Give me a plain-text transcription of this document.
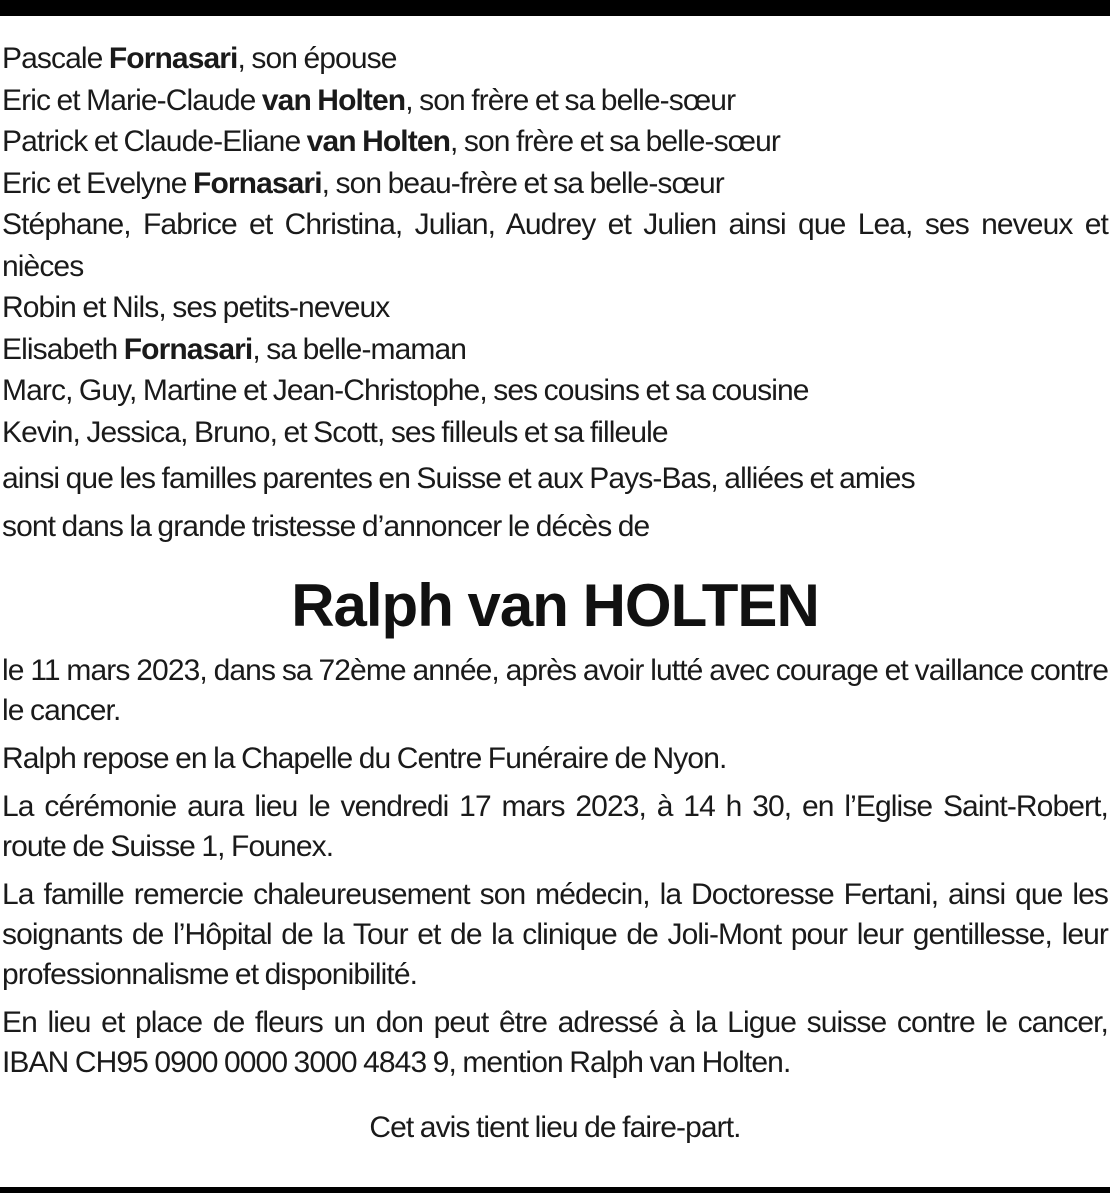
Pascale Fornasari, son épouse
Eric et Marie-Claude van Holten, son frère et sa belle-sœur
Patrick et Claude-Eliane van Holten, son frère et sa belle-sœur
Eric et Evelyne Fornasari, son beau-frère et sa belle-sœur
Stéphane, Fabrice et Christina, Julian, Audrey et Julien ainsi que Lea, ses neveux et nièces
Robin et Nils, ses petits-neveux
Elisabeth Fornasari, sa belle-maman
Marc, Guy, Martine et Jean-Christophe, ses cousins et sa cousine
Kevin, Jessica, Bruno, et Scott, ses filleuls et sa filleule

ainsi que les familles parentes en Suisse et aux Pays-Bas, alliées et amies

sont dans la grande tristesse d’annoncer le décès de

Ralph van HOLTEN

le 11 mars 2023, dans sa 72ème année, après avoir lutté avec courage et vaillance contre le cancer.

Ralph repose en la Chapelle du Centre Funéraire de Nyon.

La cérémonie aura lieu le vendredi 17 mars 2023, à 14 h 30, en l’Eglise Saint-Robert, route de Suisse 1, Founex.

La famille remercie chaleureusement son médecin, la Doctoresse Fertani, ainsi que les soignants de l’Hôpital de la Tour et de la clinique de Joli-Mont pour leur gentillesse, leur professionnalisme et disponibilité.

En lieu et place de fleurs un don peut être adressé à la Ligue suisse contre le cancer, IBAN CH95 0900 0000 3000 4843 9, mention Ralph van Holten.

Cet avis tient lieu de faire-part.
